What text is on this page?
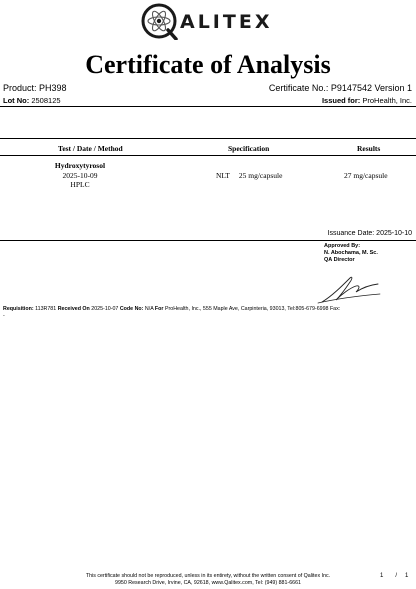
ALITEX
Certificate of Analysis
Product: PH398	Certificate No.: P9147542 Version 1
Lot No: 2508125	Issued for: ProHealth, Inc.
Test / Date / Method	Specification	Results
Hydroxytyrosol
2025-10-09
HPLC
NLT 25 mg/capsule	27 mg/capsule
Issuance Date: 2025-10-10
Approved By:
N. Abochama, M. Sc.
QA Director
Requisition: 113R781 Received On 2025-10-07 Code No: N/A For ProHealth, Inc., 555 Maple Ave, Carpinteria, 93013, Tel:805-679-6998 Fax:
-
This certificate should not be reproduced, unless in its entirety, without the written consent of Qalitex Inc.
9950 Research Drive, Irvine, CA, 92618, www.Qalitex.com, Tel: (949) 881-6661
1 / 1
